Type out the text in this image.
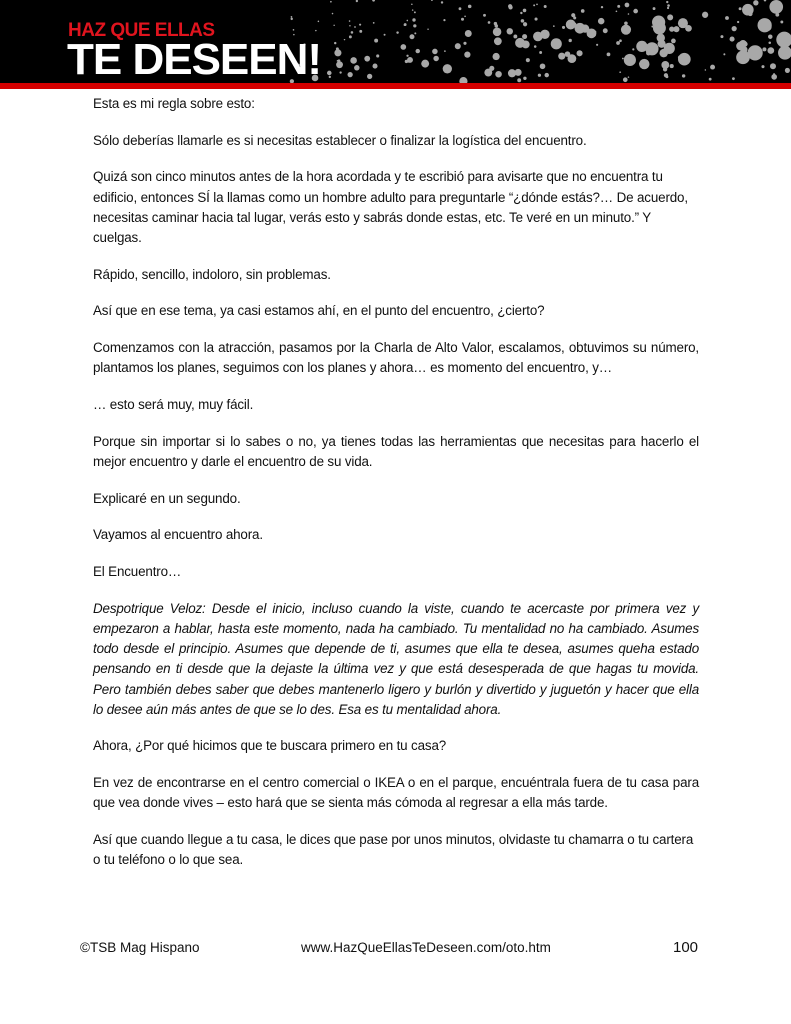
HAZ QUE ELLAS
TE DESEEN!

Esta es mi regla sobre esto:

Sólo deberías llamarle es si necesitas establecer o finalizar la logística del encuentro.

Quizá son cinco minutos antes de la hora acordada y te escribió para avisarte que no encuentra tu edificio, entonces SÍ la llamas como un hombre adulto para preguntarle “¿dónde estás?… De acuerdo, necesitas caminar hacia tal lugar, verás esto y sabrás donde estas, etc. Te veré en un minuto.” Y cuelgas.

Rápido, sencillo, indoloro, sin problemas.

Así que en ese tema, ya casi estamos ahí, en el punto del encuentro, ¿cierto?

Comenzamos con la atracción, pasamos por la Charla de Alto Valor, escalamos, obtuvimos su número, plantamos los planes, seguimos con los planes y ahora… es momento del encuentro, y…

… esto será muy, muy fácil.

Porque sin importar si lo sabes o no, ya tienes todas las herramientas que necesitas para hacerlo el mejor encuentro y darle el encuentro de su vida.

Explicaré en un segundo.

Vayamos al encuentro ahora.

El Encuentro…

Despotrique Veloz: Desde el inicio, incluso cuando la viste, cuando te acercaste por primera vez y empezaron a hablar, hasta este momento, nada ha cambiado. Tu mentalidad no ha cambiado. Asumes todo desde el principio. Asumes que depende de ti, asumes que ella te desea, asumes queha estado pensando en ti desde que la dejaste la última vez y que está desesperada de que hagas tu movida. Pero también debes saber que debes mantenerlo ligero y burlón y divertido y juguetón y hacer que ella lo desee aún más antes de que se lo des. Esa es tu mentalidad ahora.

Ahora, ¿Por qué hicimos que te buscara primero en tu casa?

En vez de encontrarse en el centro comercial o IKEA o en el parque, encuéntrala fuera de tu casa para que vea donde vives – esto hará que se sienta más cómoda al regresar a ella más tarde.

Así que cuando llegue a tu casa, le dices que pase por unos minutos, olvidaste tu chamarra o tu cartera o tu teléfono o lo que sea.

©TSB Mag Hispano	www.HazQueEllasTeDeseen.com/oto.htm	100
